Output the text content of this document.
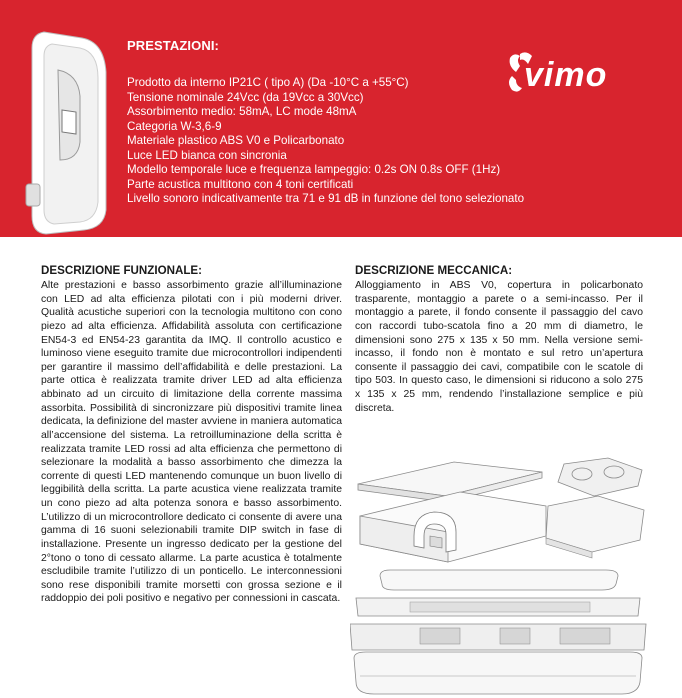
PRESTAZIONI:
Prodotto da interno IP21C ( tipo A) (Da -10°C a +55°C)
Tensione nominale 24Vcc (da 19Vcc a 30Vcc)
Assorbimento medio: 58mA, LC mode 48mA
Categoria W-3,6-9
Materiale plastico ABS V0 e Policarbonato
Luce LED bianca con sincronia
Modello temporale luce e frequenza lampeggio: 0.2s ON 0.8s OFF (1Hz)
Parte acustica multitono con 4 toni certificati
Livello sonoro indicativamente tra 71 e 91 dB in funzione del tono selezionato
vimo
DESCRIZIONE FUNZIONALE:

Alte prestazioni e basso assorbimento grazie all’illuminazione con LED ad alta efficienza pilotati con i più moderni driver. Qualità acustiche superiori con la tecnologia multitono con cono piezo ad alta efficienza. Affidabilità assoluta con certificazione EN54-3 ed EN54-23 garantita da IMQ. Il controllo acustico e luminoso viene eseguito tramite due microcontrollori indipendenti per garantire il massimo dell’affidabilità e delle prestazioni. La parte ottica è realizzata tramite driver LED ad alta efficienza abbinato ad un circuito di limitazione della corrente massima assorbita. Possibilità di sincronizzare più dispositivi tramite linea dedicata, la definizione del master avviene in maniera automatica all’accensione del sistema. La retroilluminazione della scritta è realizzata tramite LED rossi ad alta efficienza che permettono di selezionare la modalità a basso assorbimento che dimezza la corrente di questi LED mantenendo comunque un buon livello di leggibilità della scritta. La parte acustica viene realizzata tramite un cono piezo ad alta potenza sonora e basso assorbimento. L’utilizzo di un microcontrollore dedicato ci consente di avere una gamma di 16 suoni selezionabili tramite DIP switch in fase di installazione. Presente un ingresso dedicato per la gestione del 2°tono o tono di cessato allarme. La parte acustica è totalmente escludibile tramite l’utilizzo di un ponticello. Le interconnessioni sono rese disponibili tramite morsetti con grossa sezione e il raddoppio dei poli positivo e negativo per connessioni in cascata.

DESCRIZIONE MECCANICA:

Alloggiamento in ABS V0, copertura in policarbonato trasparente, montaggio a parete o a semi-incasso. Per il montaggio a parete, il fondo consente il passaggio del cavo con raccordi tubo-scatola fino a 20 mm di diametro, le dimensioni sono 275 x 135 x 50 mm. Nella versione semi-incasso, il fondo non è montato e sul retro un’apertura consente il passaggio dei cavi, compatibile con le scatole di tipo 503. In questo caso, le dimensioni si riducono a solo 275 x 135 x 25 mm, rendendo l’installazione semplice e più discreta.
